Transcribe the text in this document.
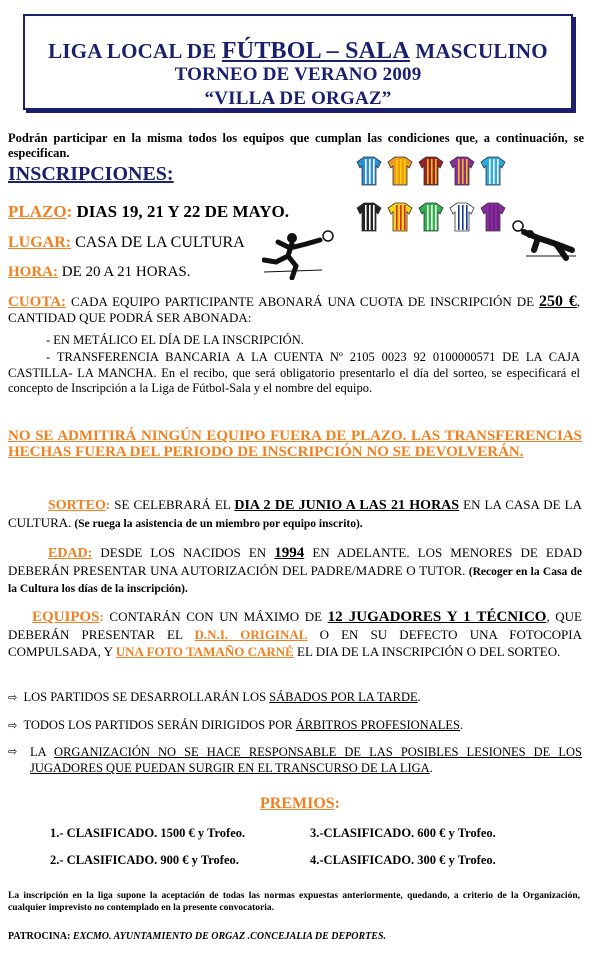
LIGA LOCAL DE FÚTBOL – SALA MASCULINO
TORNEO DE VERANO 2009
“VILLA DE ORGAZ”

Podrán participar en la misma todos los equipos que cumplan las condiciones que, a continuación, se especifican.

INSCRIPCIONES:
PLAZO: DIAS 19, 21 Y 22 DE MAYO.
LUGAR: CASA DE LA CULTURA
HORA: DE 20 A 21 HORAS.

CUOTA: CADA EQUIPO PARTICIPANTE ABONARÁ UNA CUOTA DE INSCRIPCIÓN DE 250 €, CANTIDAD QUE PODRÁ SER ABONADA:

- EN METÁLICO EL DÍA DE LA INSCRIPCIÓN.

- TRANSFERENCIA BANCARIA A LA CUENTA Nº 2105 0023 92 0100000571 DE LA CAJA CASTILLA- LA MANCHA. En el recibo, que será obligatorio presentarlo el día del sorteo, se especificará el concepto de Inscripción a la Liga de Fútbol-Sala y el nombre del equipo.

NO SE ADMITIRÁ NINGÚN EQUIPO FUERA DE PLAZO. LAS TRANSFERENCIAS HECHAS FUERA DEL PERIODO DE INSCRIPCIÓN NO SE DEVOLVERÁN.

SORTEO: SE CELEBRARÁ EL DIA 2 DE JUNIO A LAS 21 HORAS EN LA CASA DE LA CULTURA. (Se ruega la asistencia de un miembro por equipo inscrito).

EDAD: DESDE LOS NACIDOS EN 1994 EN ADELANTE. LOS MENORES DE EDAD DEBERÁN PRESENTAR UNA AUTORIZACIÓN DEL PADRE/MADRE O TUTOR. (Recoger en la Casa de la Cultura los días de la inscripción).

EQUIPOS: CONTARÁN CON UN MÁXIMO DE 12 JUGADORES Y 1 TÉCNICO, QUE DEBERÁN PRESENTAR EL D.N.I. ORIGINAL O EN SU DEFECTO UNA FOTOCOPIA COMPULSADA, Y UNA FOTO TAMAÑO CARNÉ EL DIA DE LA INSCRIPCIÓN O DEL SORTEO.

⇨ LOS PARTIDOS SE DESARROLLARÁN LOS SÁBADOS POR LA TARDE.
⇨ TODOS LOS PARTIDOS SERÁN DIRIGIDOS POR ÁRBITROS PROFESIONALES.
⇨ LA ORGANIZACIÓN NO SE HACE RESPONSABLE DE LAS POSIBLES LESIONES DE LOS JUGADORES QUE PUEDAN SURGIR EN EL TRANSCURSO DE LA LIGA.

PREMIOS:
1.- CLASIFICADO. 1500 € y Trofeo.	3.-CLASIFICADO. 600 € y Trofeo.
2.- CLASIFICADO. 900 € y Trofeo.	4.-CLASIFICADO. 300 € y Trofeo.

La inscripción en la liga supone la aceptación de todas las normas expuestas anteriormente, quedando, a criterio de la Organización, cualquier imprevisto no contemplado en la presente convocatoria.

PATROCINA: EXCMO. AYUNTAMIENTO DE ORGAZ .CONCEJALIA DE DEPORTES.
